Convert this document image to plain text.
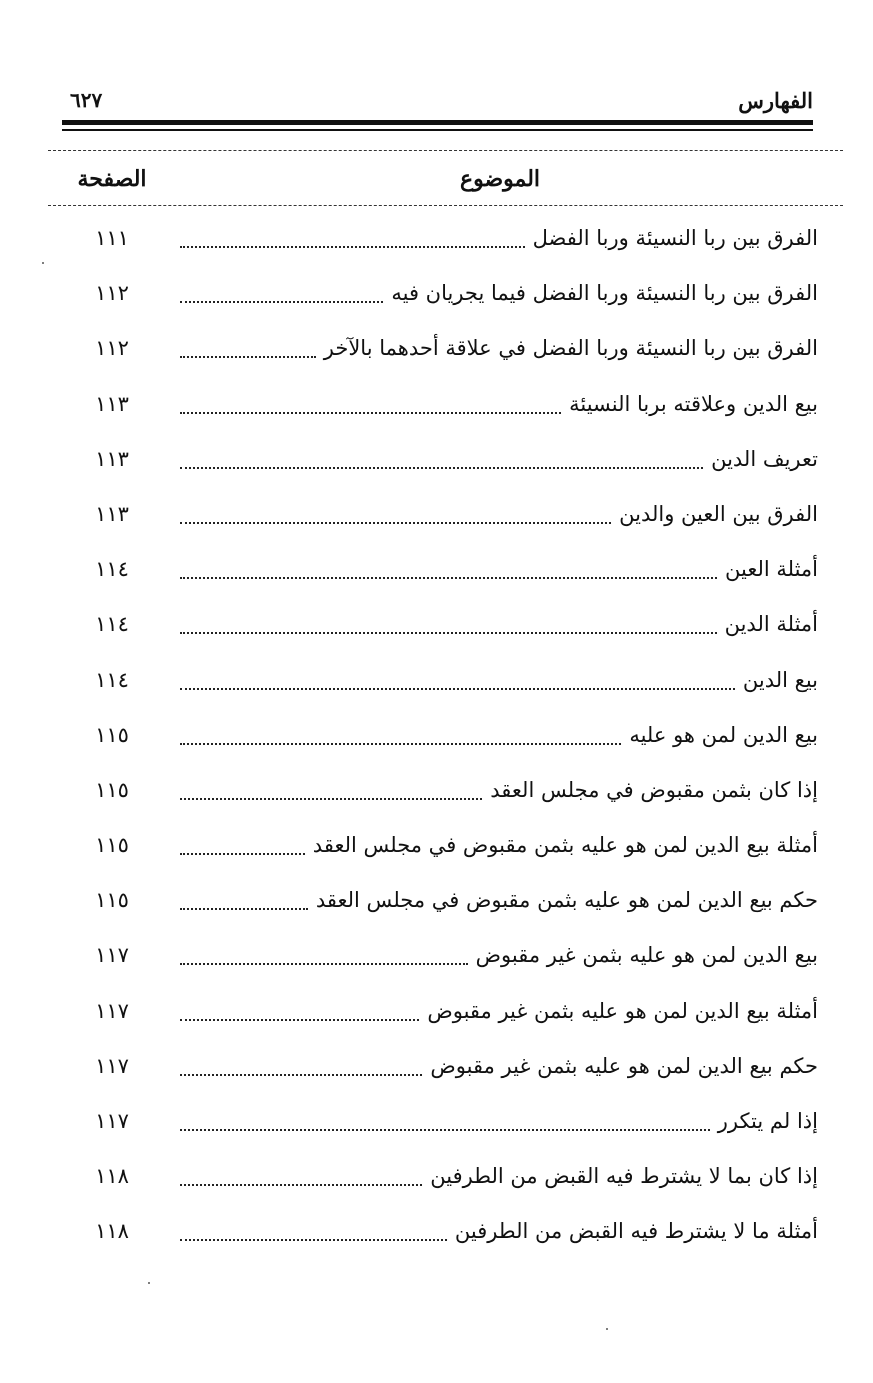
الفهارس
٦٢٧
الموضوع
الصفحة
الفرق بين ربا النسيئة وربا الفضل
١١١
الفرق بين ربا النسيئة وربا الفضل فيما يجريان فيه
١١٢
الفرق بين ربا النسيئة وربا الفضل في علاقة أحدهما بالآخر
١١٢
بيع الدين وعلاقته بربا النسيئة
١١٣
تعريف الدين
١١٣
الفرق بين العين والدين
١١٣
أمثلة العين
١١٤
أمثلة الدين
١١٤
بيع الدين
١١٤
بيع الدين لمن هو عليه
١١٥
إذا كان بثمن مقبوض في مجلس العقد
١١٥
أمثلة بيع الدين لمن هو عليه بثمن مقبوض في مجلس العقد
١١٥
حكم بيع الدين لمن هو عليه بثمن مقبوض في مجلس العقد
١١٥
بيع الدين لمن هو عليه بثمن غير مقبوض
١١٧
أمثلة بيع الدين لمن هو عليه بثمن غير مقبوض
١١٧
حكم بيع الدين لمن هو عليه بثمن غير مقبوض
١١٧
إذا لم يتكرر
١١٧
إذا كان بما لا يشترط فيه القبض من الطرفين
١١٨
أمثلة ما لا يشترط فيه القبض من الطرفين
١١٨
